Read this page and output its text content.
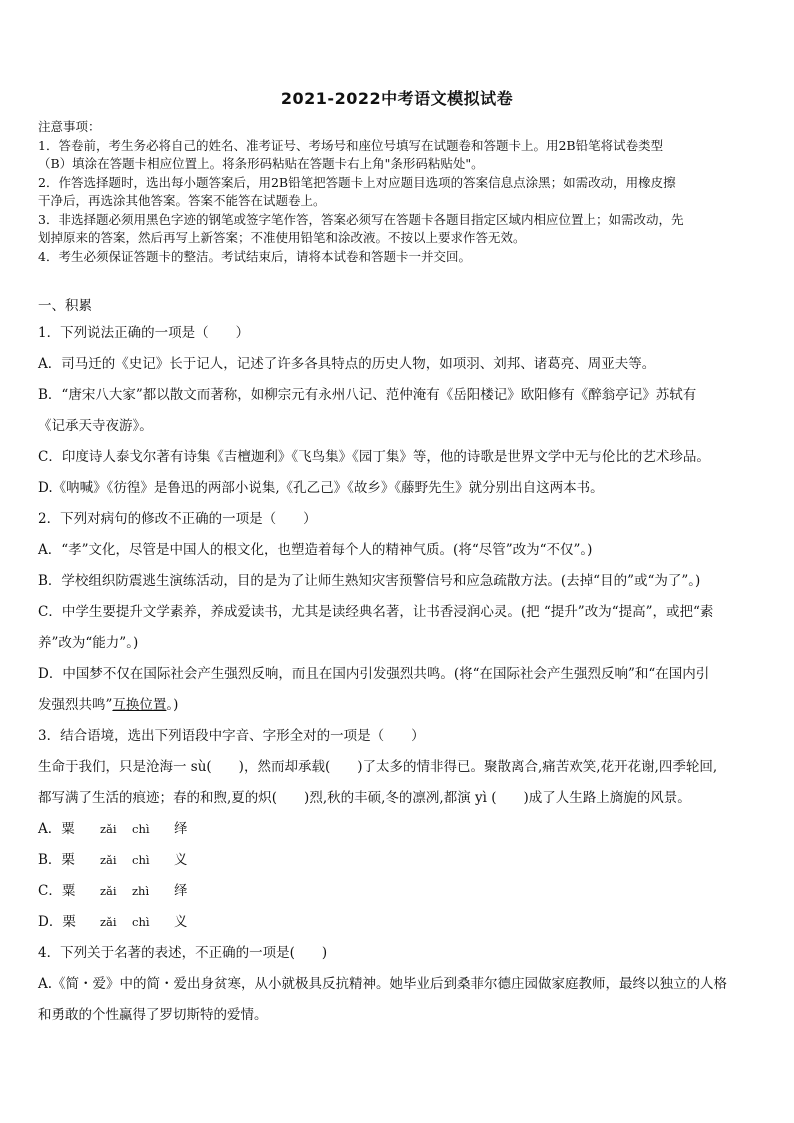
2021-2022中考语文模拟试卷
注意事项：
1．答卷前，考生务必将自己的姓名、准考证号、考场号和座位号填写在试题卷和答题卡上。用2B铅笔将试卷类型
（B）填涂在答题卡相应位置上。将条形码粘贴在答题卡右上角"条形码粘贴处"。
2．作答选择题时，选出每小题答案后，用2B铅笔把答题卡上对应题目选项的答案信息点涂黑；如需改动，用橡皮擦
干净后，再选涂其他答案。答案不能答在试题卷上。
3．非选择题必须用黑色字迹的钢笔或签字笔作答，答案必须写在答题卡各题目指定区域内相应位置上；如需改动，先
划掉原来的答案，然后再写上新答案；不准使用铅笔和涂改液。不按以上要求作答无效。
4．考生必须保证答题卡的整洁。考试结束后，请将本试卷和答题卡一并交回。
一、积累
1．下列说法正确的一项是（　　）
A．司马迁的《史记》长于记人，记述了许多各具特点的历史人物，如项羽、刘邦、诸葛亮、周亚夫等。
B．“唐宋八大家”都以散文而著称，如柳宗元有永州八记、范仲淹有《岳阳楼记》欧阳修有《醉翁亭记》苏轼有
《记承天寺夜游》。
C．印度诗人泰戈尔著有诗集《吉檀迦利》《飞鸟集》《园丁集》等，他的诗歌是世界文学中无与伦比的艺术珍品。
D.《呐喊》《彷徨》是鲁迅的两部小说集,《孔乙己》《故乡》《藤野先生》就分别出自这两本书。
2．下列对病句的修改不正确的一项是（　　）
A．“孝”文化，尽管是中国人的根文化，也塑造着每个人的精神气质。(将“尽管”改为“不仅”。)
B．学校组织防震逃生演练活动，目的是为了让师生熟知灾害预警信号和应急疏散方法。(去掉“目的”或“为了”。)
C．中学生要提升文学素养，养成爱读书，尤其是读经典名著，让书香浸润心灵。(把 “提升”改为“提高”，或把“素
养”改为“能力”。)
D．中国梦不仅在国际社会产生强烈反响，而且在国内引发强烈共鸣。(将“在国际社会产生强烈反响”和“在国内引
发强烈共鸣”互换位置。)
3．结合语境，选出下列语段中字音、字形全对的一项是（　　）
生命于我们，只是沧海一 sù(　　)，然而却承载(　　)了太多的情非得已。聚散离合,痛苦欢笑,花开花谢,四季轮回,
都写满了生活的痕迹；春的和煦,夏的炽(　　)烈,秋的丰硕,冬的凛冽,都演 yì (　　)成了人生路上旖旎的风景。
A．粟	zǎi	chì	绎
B．栗	zǎi	chì	义
C．粟	zǎi	zhì	绎
D．栗	zǎi	chì	义
4．下列关于名著的表述，不正确的一项是(　　)
A.《简・爱》中的简・爱出身贫寒，从小就极具反抗精神。她毕业后到桑菲尔德庄园做家庭教师，最终以独立的人格
和勇敢的个性赢得了罗切斯特的爱情。
